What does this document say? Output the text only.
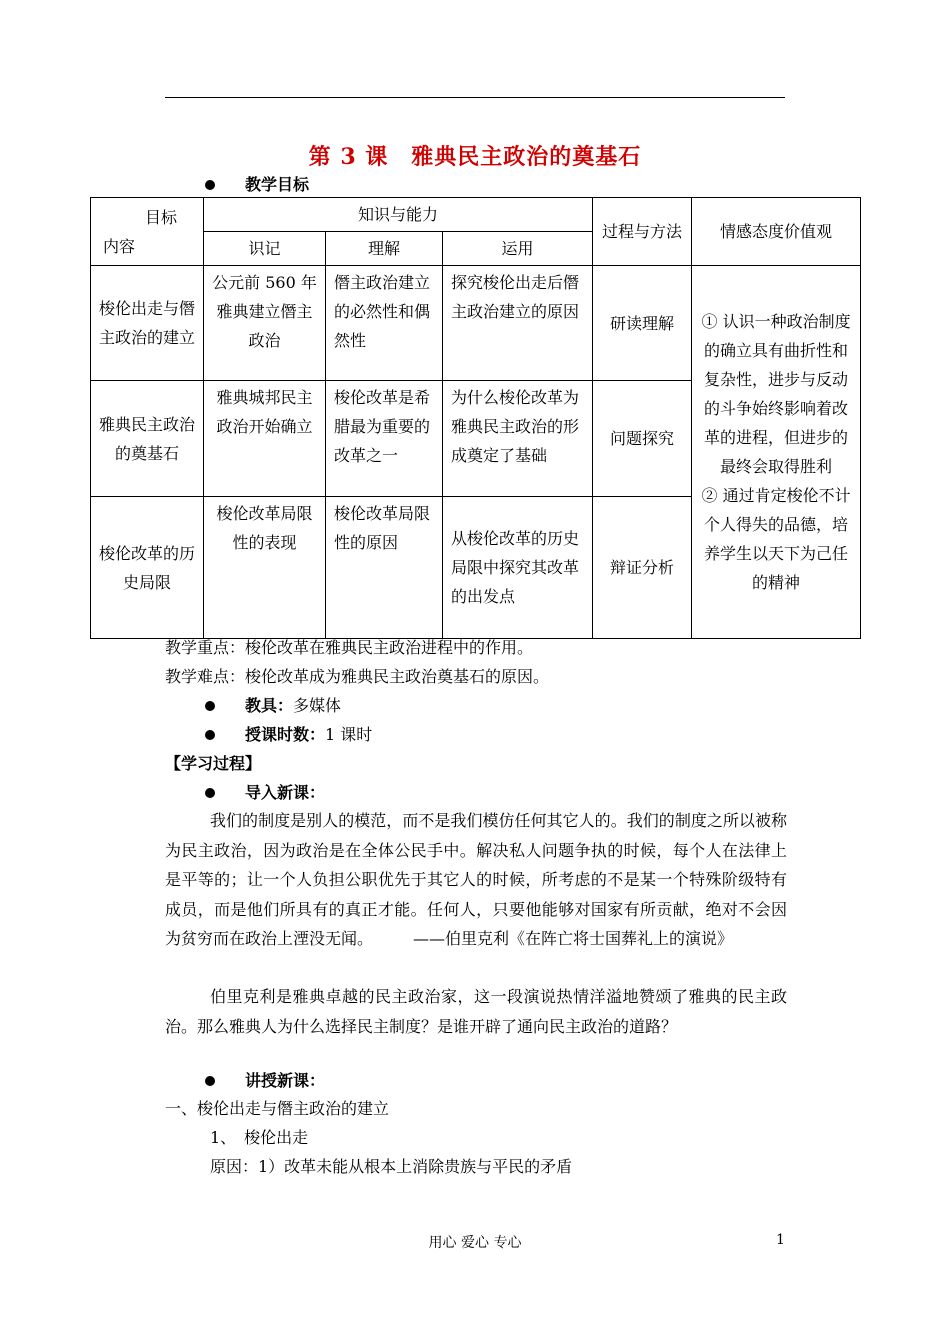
第 3 课　雅典民主政治的奠基石
教学目标
目标
内容	知识与能力			过程与方法	情感态度价值观
	识记	理解	运用		
梭伦出走与僭主政治的建立	公元前 560 年雅典建立僭主政治	僭主政治建立的必然性和偶然性	探究梭伦出走后僭主政治建立的原因	研读理解	① 认识一种政治制度的确立具有曲折性和复杂性，进步与反动的斗争始终影响着改革的进程，但进步的最终会取得胜利
② 通过肯定梭伦不计个人得失的品德，培养学生以天下为己任的精神
雅典民主政治的奠基石	雅典城邦民主政治开始确立	梭伦改革是希腊最为重要的改革之一	为什么梭伦改革为雅典民主政治的形成奠定了基础	问题探究	
梭伦改革的历史局限	梭伦改革局限性的表现	梭伦改革局限性的原因	从梭伦改革的历史局限中探究其改革的出发点	辩证分析	
教学重点：梭伦改革在雅典民主政治进程中的作用。
教学难点：梭伦改革成为雅典民主政治奠基石的原因。
教具：多媒体
授课时数：1 课时
【学习过程】
导入新课：
我们的制度是别人的模范，而不是我们模仿任何其它人的。我们的制度之所以被称为民主政治，因为政治是在全体公民手中。解决私人问题争执的时候，每个人在法律上是平等的；让一个人负担公职优先于其它人的时候，所考虑的不是某一个特殊阶级特有成员，而是他们所具有的真正才能。任何人，只要他能够对国家有所贡献，绝对不会因为贫穷而在政治上湮没无闻。　　　——伯里克利《在阵亡将士国葬礼上的演说》
伯里克利是雅典卓越的民主政治家，这一段演说热情洋溢地赞颂了雅典的民主政治。那么雅典人为什么选择民主制度？是谁开辟了通向民主政治的道路？
讲授新课：
一、梭伦出走与僭主政治的建立
1、　梭伦出走
原因：1）改革未能从根本上消除贵族与平民的矛盾
用心 爱心 专心	1
